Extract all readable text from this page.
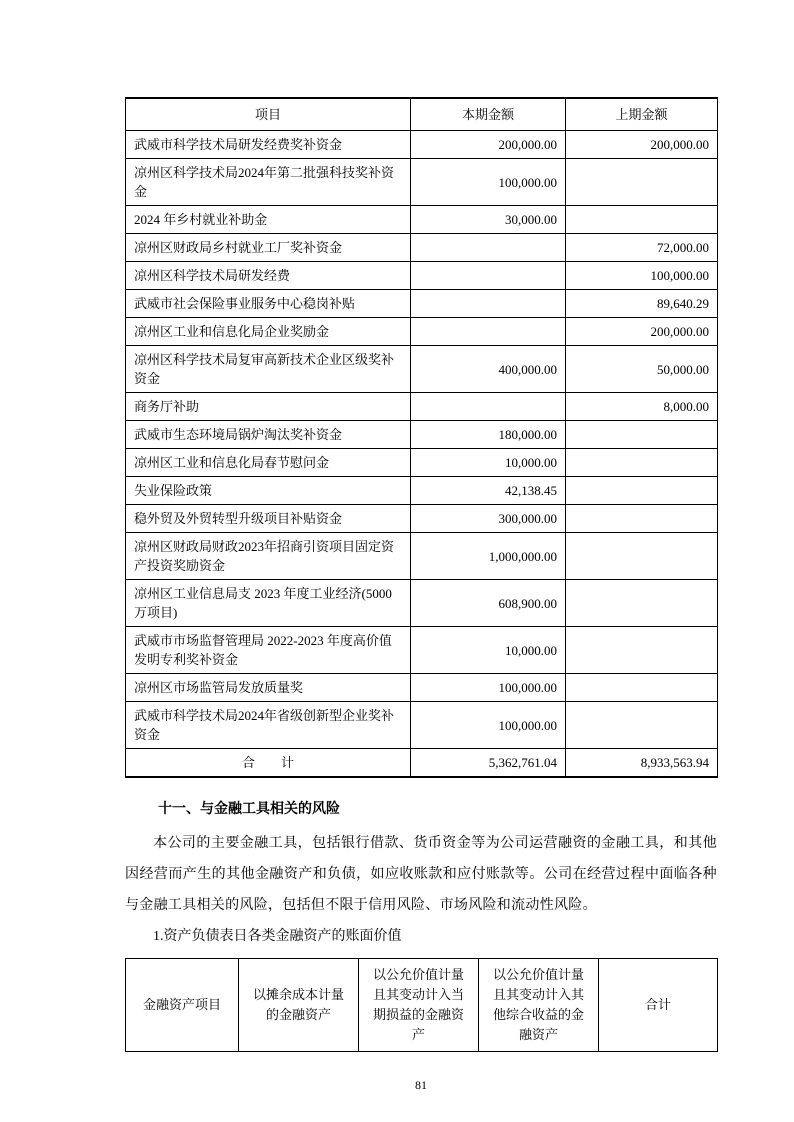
项目	本期金额	上期金额
武威市科学技术局研发经费奖补资金	200,000.00	200,000.00
凉州区科学技术局2024年第二批强科技奖补资金	100,000.00	
2024 年乡村就业补助金	30,000.00	
凉州区财政局乡村就业工厂奖补资金		72,000.00
凉州区科学技术局研发经费		100,000.00
武威市社会保险事业服务中心稳岗补贴		89,640.29
凉州区工业和信息化局企业奖励金		200,000.00
凉州区科学技术局复审高新技术企业区级奖补资金	400,000.00	50,000.00
商务厅补助		8,000.00
武威市生态环境局锅炉淘汰奖补资金	180,000.00	
凉州区工业和信息化局春节慰问金	10,000.00	
失业保险政策	42,138.45	
稳外贸及外贸转型升级项目补贴资金	300,000.00	
凉州区财政局财政2023年招商引资项目固定资产投资奖励资金	1,000,000.00	
凉州区工业信息局支 2023 年度工业经济(5000 万项目)	608,900.00	
武威市市场监督管理局 2022-2023 年度高价值发明专利奖补资金	10,000.00	
凉州区市场监管局发放质量奖	100,000.00	
武威市科学技术局2024年省级创新型企业奖补资金	100,000.00	
合　　计	5,362,761.04	8,933,563.94
十一、与金融工具相关的风险

本公司的主要金融工具，包括银行借款、货币资金等为公司运营融资的金融工具，和其他因经营而产生的其他金融资产和负债，如应收账款和应付账款等。公司在经营过程中面临各种与金融工具相关的风险，包括但不限于信用风险、市场风险和流动性风险。

1.资产负债表日各类金融资产的账面价值
金融资产项目	以摊余成本计量的金融资产	以公允价值计量且其变动计入当期损益的金融资产	以公允价值计量且其变动计入其他综合收益的金融资产	合计
81
